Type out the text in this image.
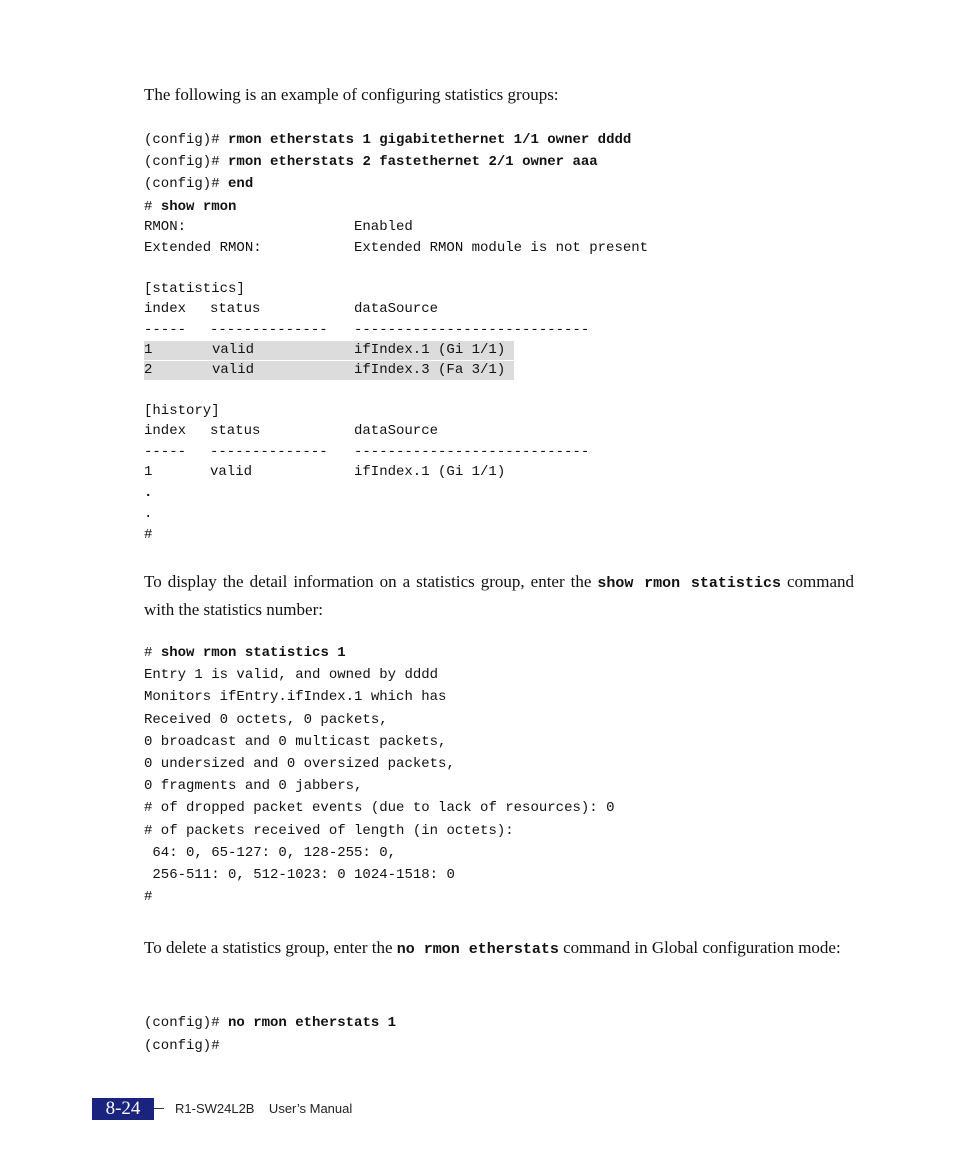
The following is an example of configuring statistics groups:
(config)# rmon etherstats 1 gigabitethernet 1/1 owner dddd
(config)# rmon etherstats 2 fastethernet 2/1 owner aaa
(config)# end
# show rmon
RMON:	Enabled
Extended RMON:	Extended RMON module is not present
[statistics]
index status	dataSource
----- -------------- ----------------------------
1	valid	ifIndex.1 (Gi 1/1)
2	valid	ifIndex.3 (Fa 3/1)
[history]
index status	dataSource
----- -------------- ----------------------------
1	valid	ifIndex.1 (Gi 1/1)
.
.
#
To display the detail information on a statistics group, enter the show rmon statistics command with the statistics number:
# show rmon statistics 1
Entry 1 is valid, and owned by dddd
Monitors ifEntry.ifIndex.1 which has
Received 0 octets, 0 packets,
0 broadcast and 0 multicast packets,
0 undersized and 0 oversized packets,
0 fragments and 0 jabbers,
# of dropped packet events (due to lack of resources): 0
# of packets received of length (in octets):
64: 0, 65-127: 0, 128-255: 0,
256-511: 0, 512-1023: 0 1024-1518: 0
#
To delete a statistics group, enter the no rmon etherstats command in Global configuration mode:
(config)# no rmon etherstats 1
(config)#
8-24	R1-SW24L2B    User’s Manual
